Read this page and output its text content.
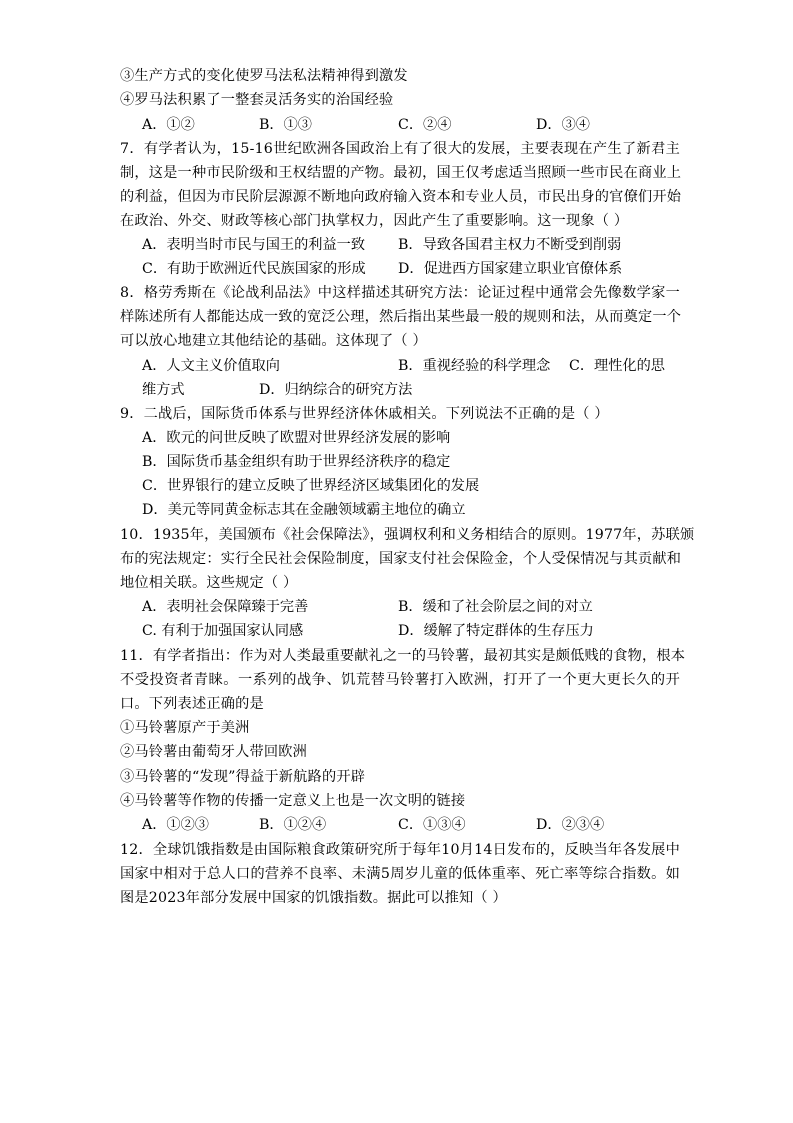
③生产方式的变化使罗马法私法精神得到激发
④罗马法积累了一整套灵活务实的治国经验
A．①②	B．①③	C．②④	D．③④
7．有学者认为，15-16世纪欧洲各国政治上有了很大的发展，主要表现在产生了新君主
制，这是一种市民阶级和王权结盟的产物。最初，国王仅考虑适当照顾一些市民在商业上
的利益，但因为市民阶层源源不断地向政府输入资本和专业人员，市民出身的官僚们开始
在政治、外交、财政等核心部门执掌权力，因此产生了重要影响。这一现象（ ）
A．表明当时市民与国王的利益一致 B．导致各国君主权力不断受到削弱
C．有助于欧洲近代民族国家的形成 D．促进西方国家建立职业官僚体系
8．格劳秀斯在《论战利品法》中这样描述其研究方法：论证过程中通常会先像数学家一
样陈述所有人都能达成一致的宽泛公理，然后指出某些最一般的规则和法，从而奠定一个
可以放心地建立其他结论的基础。这体现了（ ）
A．人文主义价值取向	B．重视经验的科学理念 C．理性化的思
维方式	D．归纳综合的研究方法
9．二战后，国际货币体系与世界经济体休戚相关。下列说法不正确的是（ ）
A．欧元的问世反映了欧盟对世界经济发展的影响
B．国际货币基金组织有助于世界经济秩序的稳定
C．世界银行的建立反映了世界经济区域集团化的发展
D．美元等同黄金标志其在金融领域霸主地位的确立
10．1935年，美国颁布《社会保障法》，强调权利和义务相结合的原则。1977年，苏联颁
布的宪法规定：实行全民社会保险制度，国家支付社会保险金，个人受保情况与其贡献和
地位相关联。这些规定（ ）
A．表明社会保障臻于完善	B．缓和了社会阶层之间的对立
C. 有利于加强国家认同感	D．缓解了特定群体的生存压力
11．有学者指出：作为对人类最重要献礼之一的马铃薯，最初其实是颇低贱的食物，根本
不受投资者青睐。一系列的战争、饥荒替马铃薯打入欧洲，打开了一个更大更长久的开
口。下列表述正确的是
①马铃薯原产于美洲
②马铃薯由葡萄牙人带回欧洲
③马铃薯的“发现”得益于新航路的开辟
④马铃薯等作物的传播一定意义上也是一次文明的链接
A．①②③	B．①②④	C．①③④	D．②③④
12．全球饥饿指数是由国际粮食政策研究所于每年10月14日发布的，反映当年各发展中
国家中相对于总人口的营养不良率、未满5周岁儿童的低体重率、死亡率等综合指数。如
图是2023年部分发展中国家的饥饿指数。据此可以推知（ ）
